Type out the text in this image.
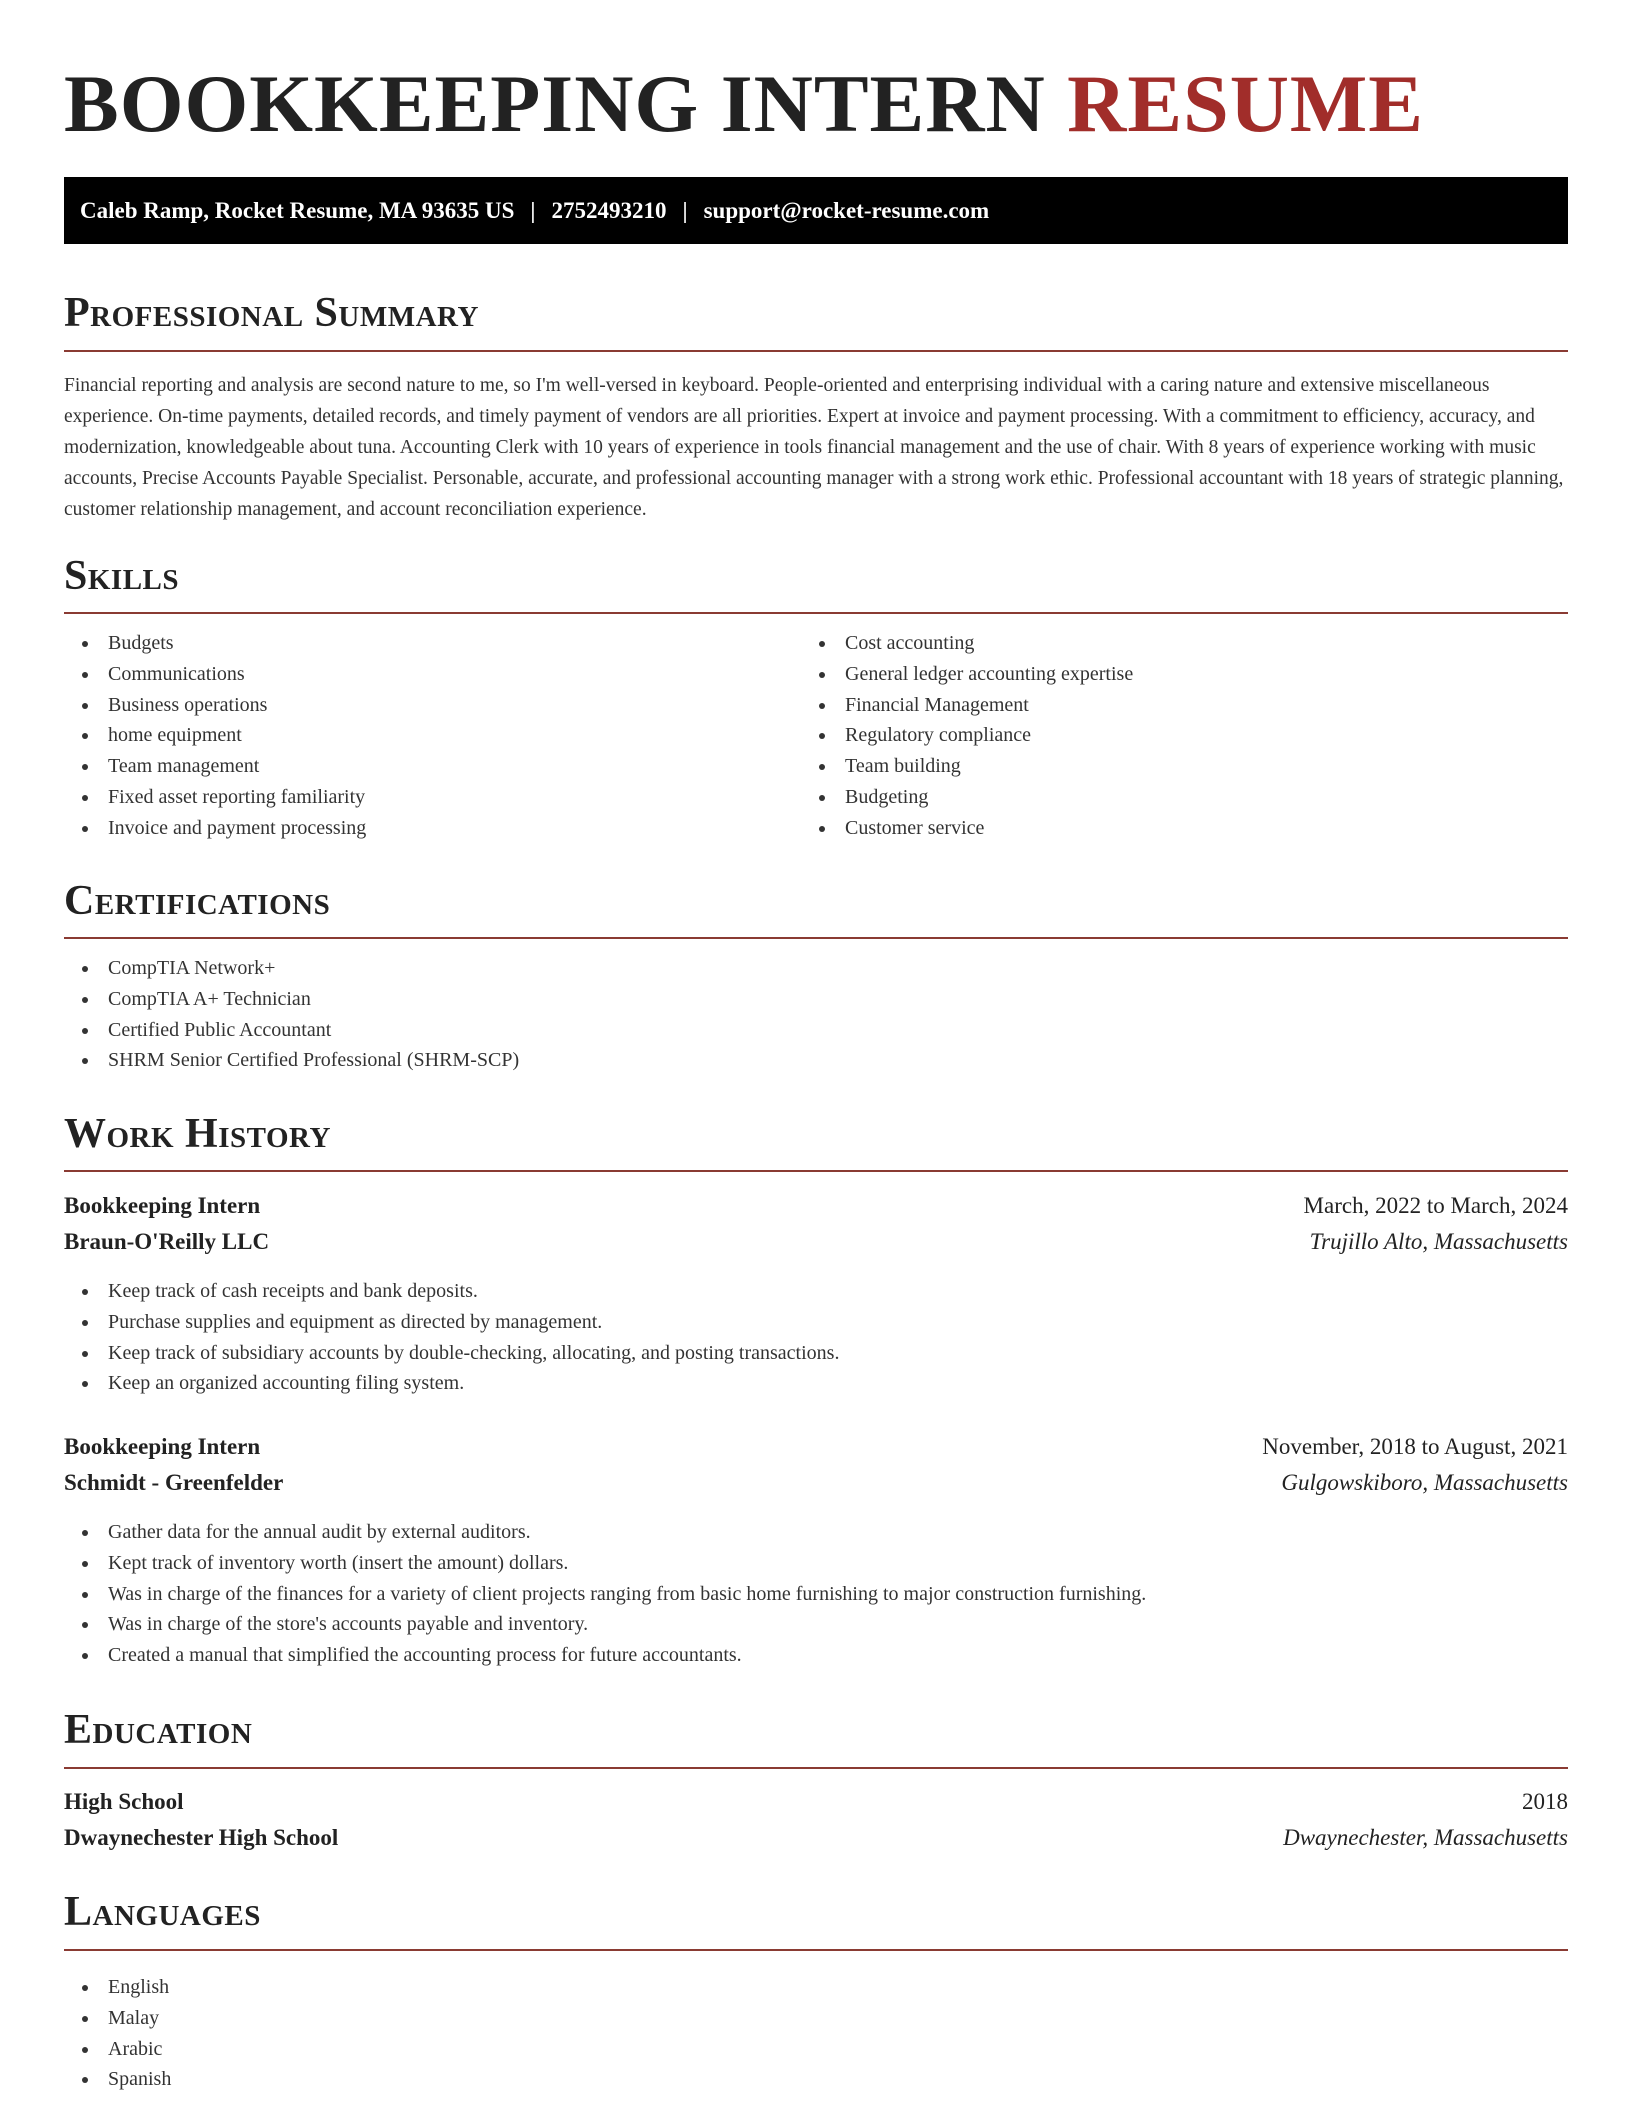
BOOKKEEPING INTERN RESUME
Caleb Ramp, Rocket Resume, MA 93635 US | 2752493210 | support@rocket-resume.com
Professional Summary

Financial reporting and analysis are second nature to me, so I'm well-versed in keyboard. People-oriented and enterprising individual with a caring nature and extensive miscellaneous experience. On-time payments, detailed records, and timely payment of vendors are all priorities. Expert at invoice and payment processing. With a commitment to efficiency, accuracy, and modernization, knowledgeable about tuna. Accounting Clerk with 10 years of experience in tools financial management and the use of chair. With 8 years of experience working with music accounts, Precise Accounts Payable Specialist. Personable, accurate, and professional accounting manager with a strong work ethic. Professional accountant with 18 years of strategic planning, customer relationship management, and account reconciliation experience.

Skills
Budgets
Communications
Business operations
home equipment
Team management
Fixed asset reporting familiarity
Invoice and payment processing
Cost accounting
General ledger accounting expertise
Financial Management
Regulatory compliance
Team building
Budgeting
Customer service
Certifications
CompTIA Network+
CompTIA A+ Technician
Certified Public Accountant
SHRM Senior Certified Professional (SHRM-SCP)
Work History
Bookkeeping Intern	March, 2022 to March, 2024
Braun-O'Reilly LLC	Trujillo Alto, Massachusetts
Keep track of cash receipts and bank deposits.
Purchase supplies and equipment as directed by management.
Keep track of subsidiary accounts by double-checking, allocating, and posting transactions.
Keep an organized accounting filing system.
Bookkeeping Intern	November, 2018 to August, 2021
Schmidt - Greenfelder	Gulgowskiboro, Massachusetts
Gather data for the annual audit by external auditors.
Kept track of inventory worth (insert the amount) dollars.
Was in charge of the finances for a variety of client projects ranging from basic home furnishing to major construction furnishing.
Was in charge of the store's accounts payable and inventory.
Created a manual that simplified the accounting process for future accountants.
Education
High School	2018
Dwaynechester High School	Dwaynechester, Massachusetts
Languages
English
Malay
Arabic
Spanish
